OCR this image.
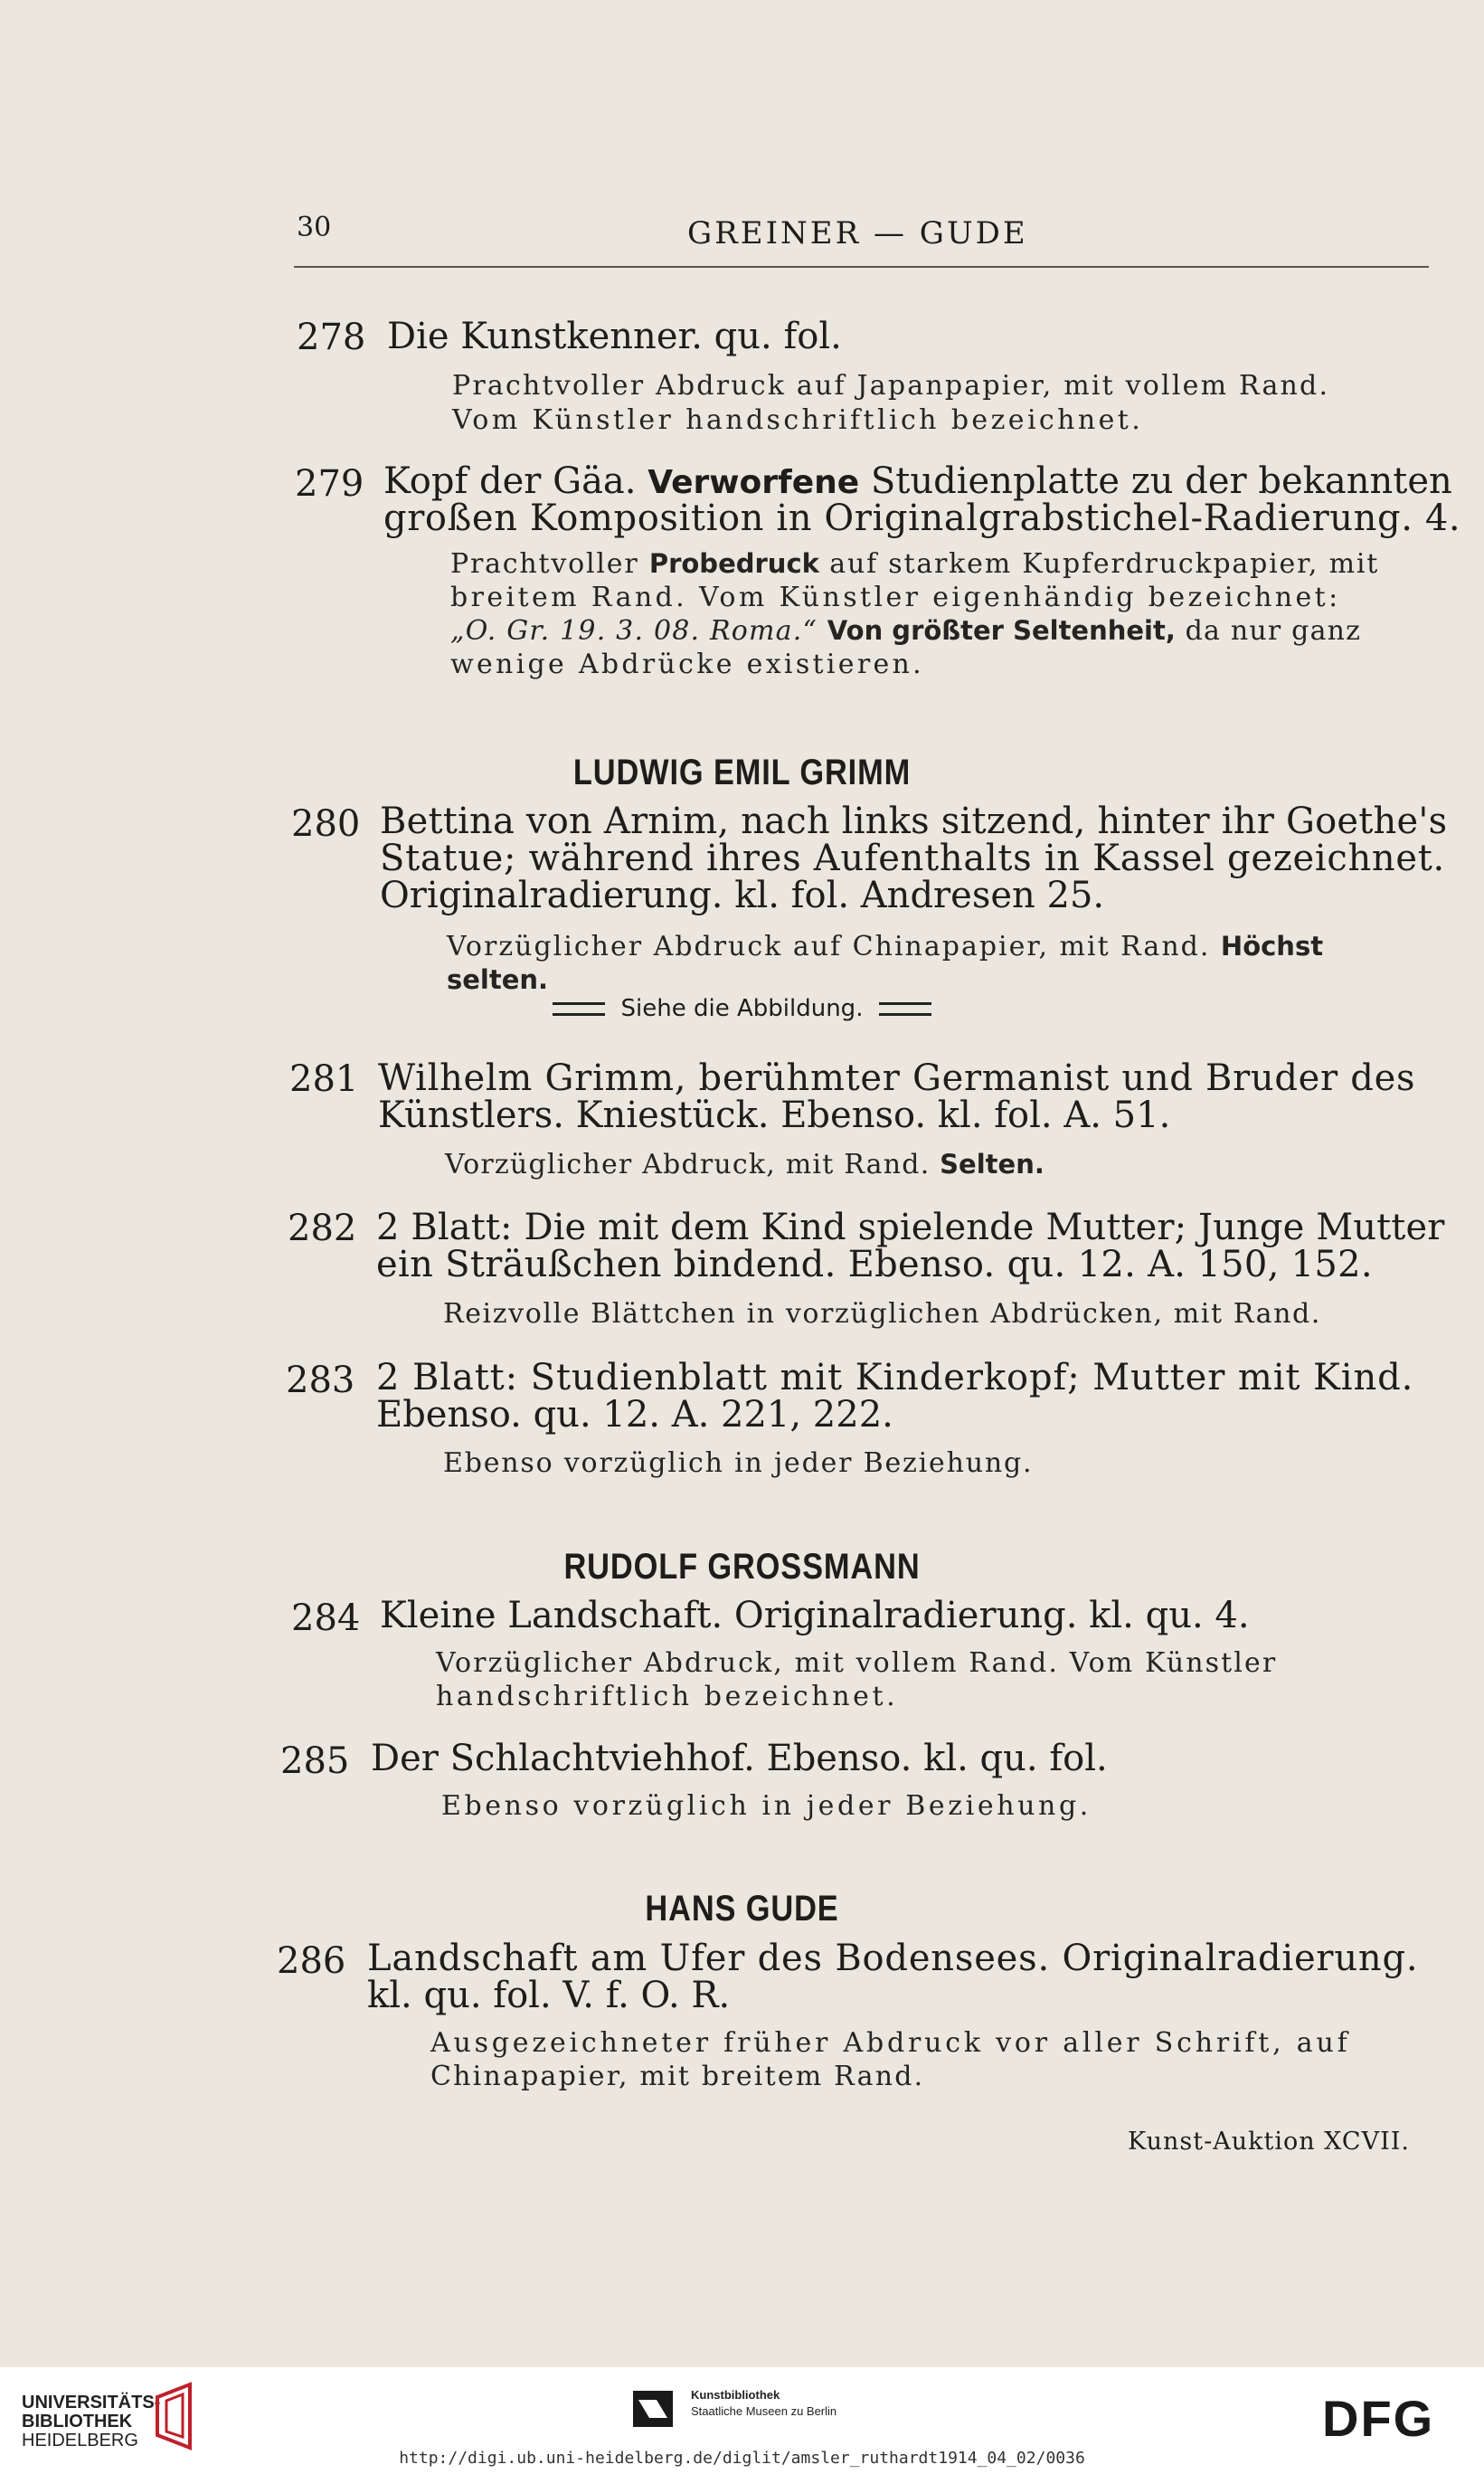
30	GREINER — GUDE
278 Die Kunstkenner. qu. fol.
Prachtvoller Abdruck auf Japanpapier, mit vollem Rand.
Vom Künstler handschriftlich bezeichnet.
279 Kopf der Gäa. Verworfene Studienplatte zu der bekannten
großen Komposition in Originalgrabstichel-Radierung. 4.
Prachtvoller Probedruck auf starkem Kupferdruckpapier, mit
breitem Rand. Vom Künstler eigenhändig bezeichnet:
„O. Gr. 19. 3. 08. Roma.“ Von größter Seltenheit, da nur ganz
wenige Abdrücke existieren.
LUDWIG EMIL GRIMM
280 Bettina von Arnim, nach links sitzend, hinter ihr Goethe's
Statue; während ihres Aufenthalts in Kassel gezeichnet.
Originalradierung. kl. fol. Andresen 25.
Vorzüglicher Abdruck auf Chinapapier, mit Rand. Höchst
selten.
Siehe die Abbildung.
281 Wilhelm Grimm, berühmter Germanist und Bruder des
Künstlers. Kniestück. Ebenso. kl. fol. A. 51.
Vorzüglicher Abdruck, mit Rand. Selten.
282 2 Blatt: Die mit dem Kind spielende Mutter; Junge Mutter
ein Sträußchen bindend. Ebenso. qu. 12. A. 150, 152.
Reizvolle Blättchen in vorzüglichen Abdrücken, mit Rand.
283 2 Blatt: Studienblatt mit Kinderkopf; Mutter mit Kind.
Ebenso. qu. 12. A. 221, 222.
Ebenso vorzüglich in jeder Beziehung.
RUDOLF GROSSMANN
284 Kleine Landschaft. Originalradierung. kl. qu. 4.
Vorzüglicher Abdruck, mit vollem Rand. Vom Künstler
handschriftlich bezeichnet.
285 Der Schlachtviehhof. Ebenso. kl. qu. fol.
Ebenso vorzüglich in jeder Beziehung.
HANS GUDE
286 Landschaft am Ufer des Bodensees. Originalradierung.
kl. qu. fol. V. f. O. R.
Ausgezeichneter früher Abdruck vor aller Schrift, auf
Chinapapier, mit breitem Rand.
Kunst-Auktion XCVII.
UNIVERSITÄTS-
BIBLIOTHEK
HEIDELBERG
Kunstbibliothek
Staatliche Museen zu Berlin	DFG
http://digi.ub.uni-heidelberg.de/diglit/amsler_ruthardt1914_04_02/0036
